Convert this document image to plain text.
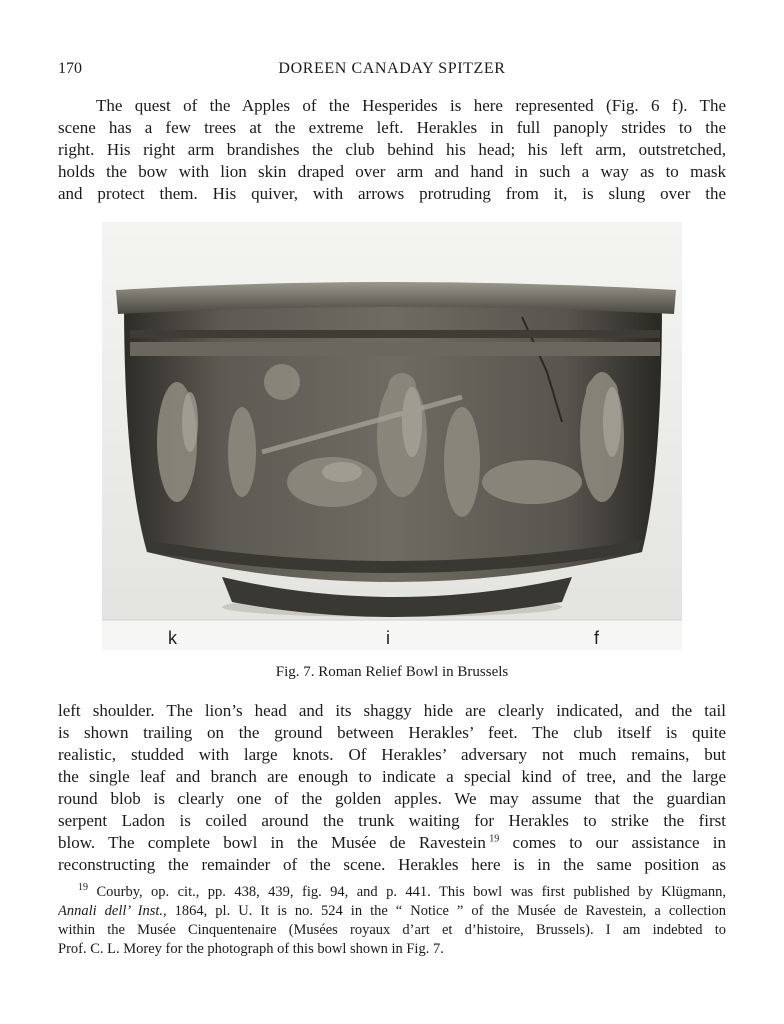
170	DOREEN CANADAY SPITZER
The quest of the Apples of the Hesperides is here represented (Fig. 6 f). The
scene has a few trees at the extreme left. Herakles in full panoply strides to the
right. His right arm brandishes the club behind his head; his left arm, outstretched,
holds the bow with lion skin draped over arm and hand in such a way as to mask
and protect them. His quiver, with arrows protruding from it, is slung over the
k	i	f
Fig. 7. Roman Relief Bowl in Brussels
left shoulder. The lion’s head and its shaggy hide are clearly indicated, and the tail
is shown trailing on the ground between Herakles’ feet. The club itself is quite
realistic, studded with large knots. Of Herakles’ adversary not much remains, but
the single leaf and branch are enough to indicate a special kind of tree, and the large
round blob is clearly one of the golden apples. We may assume that the guardian
serpent Ladon is coiled around the trunk waiting for Herakles to strike the first
blow. The complete bowl in the Musée de Ravestein  $^{19}$ comes to our assistance in
reconstructing the remainder of the scene. Herakles here is in the same position as
$^{19}$ Courby, op. cit., pp. 438, 439, fig. 94, and p. 441. This bowl was first published by Klügmann,
Annali dell’ Inst., 1864, pl. U. It is no. 524 in the “ Notice ” of the Musée de Ravestein, a collection
within the Musée Cinquentenaire (Musées royaux d’art et d’histoire, Brussels). I am indebted to
Prof. C. L. Morey for the photograph of this bowl shown in Fig. 7.
